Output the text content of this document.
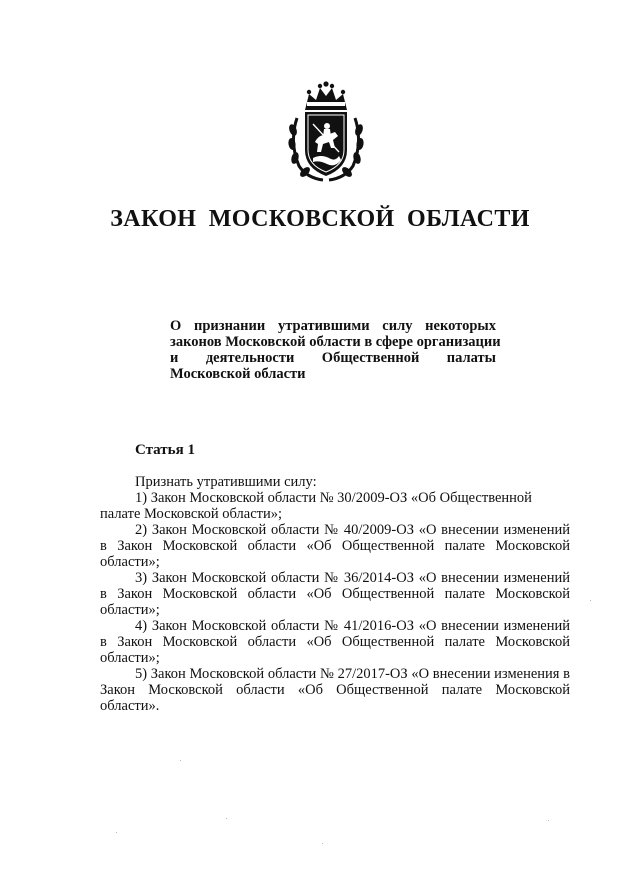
ЗАКОН МОСКОВСКОЙ ОБЛАСТИ
О признании утратившими силу некоторых
законов Московской области в сфере организации
и деятельности Общественной палаты
Московской области
Статья 1
Признать утратившими силу:
1) Закон Московской области № 30/2009-ОЗ «Об Общественной палате Московской области»;
2) Закон Московской области № 40/2009-ОЗ «О внесении изменений в Закон Московской области «Об Общественной палате Московской области»;
3) Закон Московской области № 36/2014-ОЗ «О внесении изменений в Закон Московской области «Об Общественной палате Московской области»;
4) Закон Московской области № 41/2016-ОЗ «О внесении изменений в Закон Московской области «Об Общественной палате Московской области»;
5) Закон Московской области № 27/2017-ОЗ «О внесении изменения в Закон Московской области «Об Общественной палате Московской области».
